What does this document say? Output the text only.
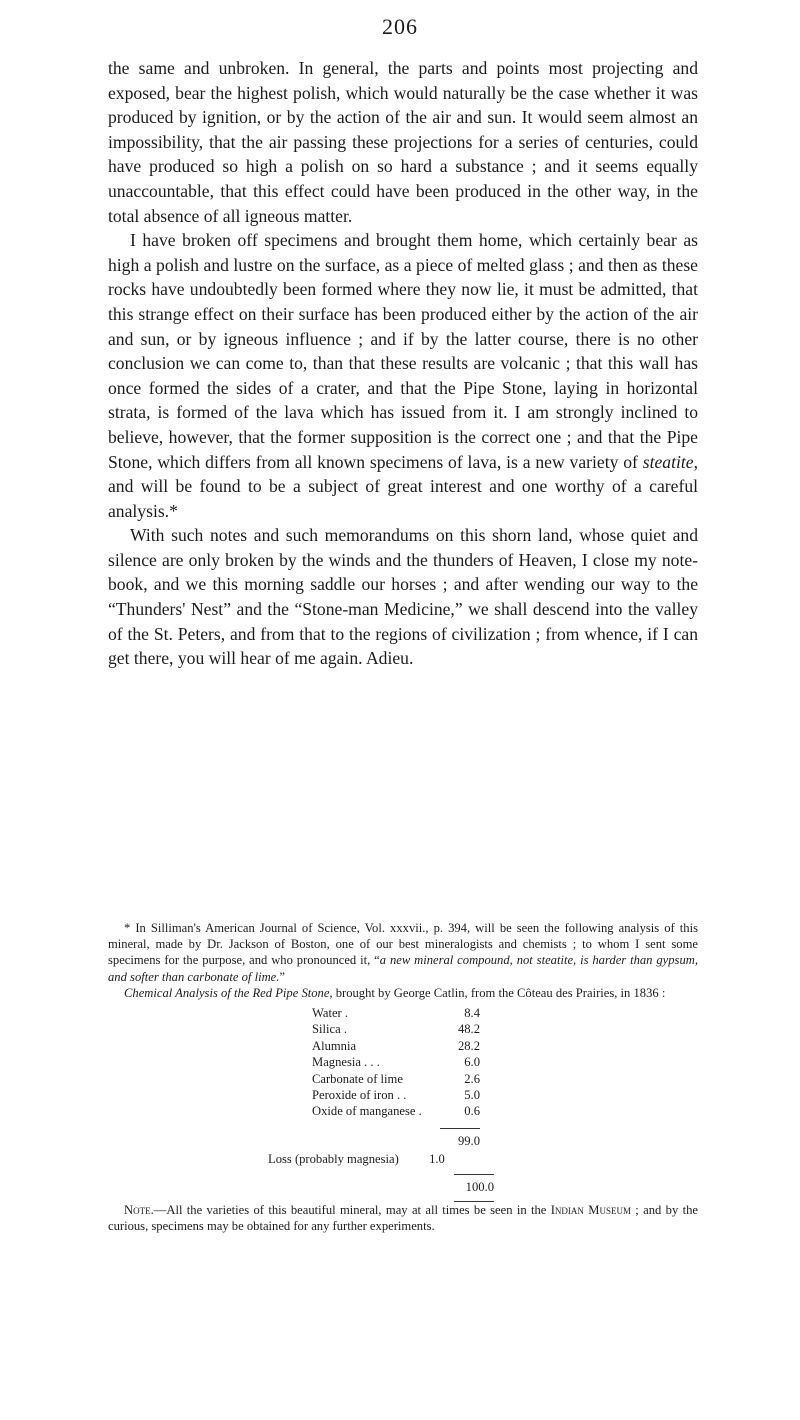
206

the same and unbroken. In general, the parts and points most projecting and exposed, bear the highest polish, which would naturally be the case whether it was produced by ignition, or by the action of the air and sun. It would seem almost an impossibility, that the air passing these projections for a series of centuries, could have produced so high a polish on so hard a substance ; and it seems equally unaccountable, that this effect could have been produced in the other way, in the total absence of all igneous matter.

I have broken off specimens and brought them home, which certainly bear as high a polish and lustre on the surface, as a piece of melted glass ; and then as these rocks have undoubtedly been formed where they now lie, it must be admitted, that this strange effect on their surface has been produced either by the action of the air and sun, or by igneous influence ; and if by the latter course, there is no other conclusion we can come to, than that these results are volcanic ; that this wall has once formed the sides of a crater, and that the Pipe Stone, laying in horizontal strata, is formed of the lava which has issued from it. I am strongly inclined to believe, however, that the former supposition is the correct one ; and that the Pipe Stone, which differs from all known specimens of lava, is a new variety of steatite, and will be found to be a subject of great interest and one worthy of a careful analysis.*

With such notes and such memorandums on this shorn land, whose quiet and silence are only broken by the winds and the thunders of Heaven, I close my note-book, and we this morning saddle our horses ; and after wending our way to the “Thunders' Nest” and the “Stone-man Medicine,” we shall descend into the valley of the St. Peters, and from that to the regions of civilization ; from whence, if I can get there, you will hear of me again. Adieu.

* In Silliman's American Journal of Science, Vol. xxxvii., p. 394, will be seen the following analysis of this mineral, made by Dr. Jackson of Boston, one of our best mineralogists and chemists ; to whom I sent some specimens for the purpose, and who pronounced it, “a new mineral compound, not steatite, is harder than gypsum, and softer than carbonate of lime.”

Chemical Analysis of the Red Pipe Stone, brought by George Catlin, from the Côteau des Prairies, in 1836 :

Water .	8.4
Silica .	48.2
Alumnia	28.2
Magnesia . . .	6.0
Carbonate of lime	2.6
Peroxide of iron . .	5.0
Oxide of manganese .	0.6

	99.0
Loss (probably magnesia) 1.0
100.0

Note.—All the varieties of this beautiful mineral, may at all times be seen in the Indian Museum ; and by the curious, specimens may be obtained for any further experiments.
